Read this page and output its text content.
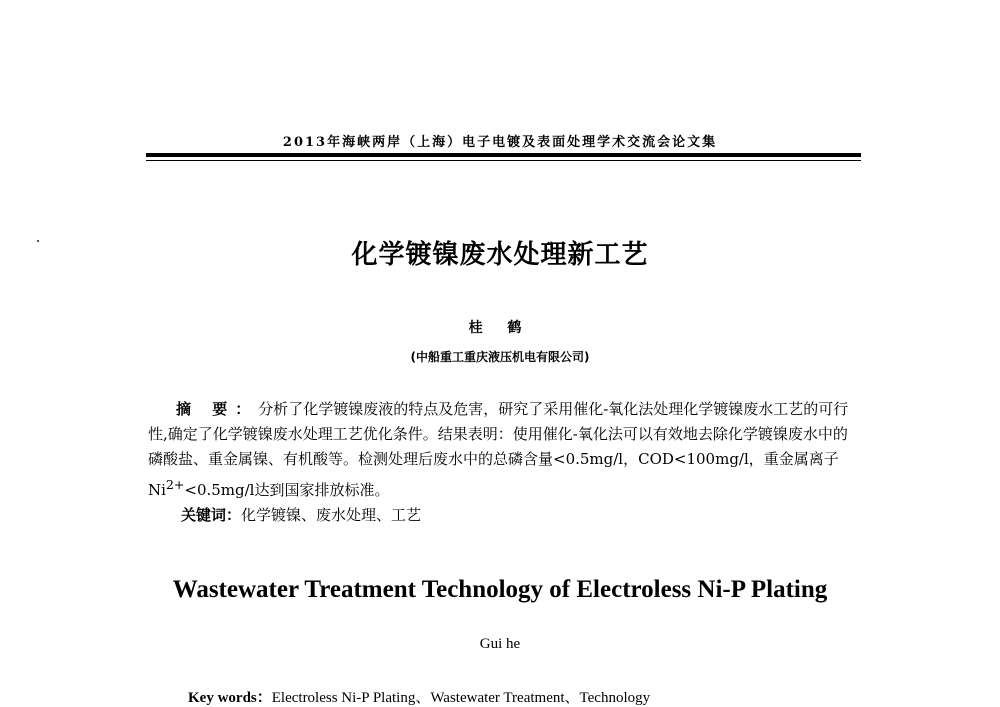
2013年海峡两岸（上海）电子电镀及表面处理学术交流会论文集
化学镀镍废水处理新工艺
桂 鹤
(中船重工重庆液压机电有限公司)

摘 要：分析了化学镀镍废液的特点及危害，研究了采用催化-氧化法处理化学镀镍废水工艺的可行性,确定了化学镀镍废水处理工艺优化条件。结果表明：使用催化-氧化法可以有效地去除化学镀镍废水中的磷酸盐、重金属镍、有机酸等。检测处理后废水中的总磷含量<0.5mg/l，COD<100mg/l，重金属离子 $Ni^{2+}<0.5mg/l$达到国家排放标准。

关键词：化学镀镍、废水处理、工艺
Wastewater Treatment Technology of Electroless Ni-P Plating
Gui he
Key words：Electroless Ni-P Plating、Wastewater Treatment、Technology
